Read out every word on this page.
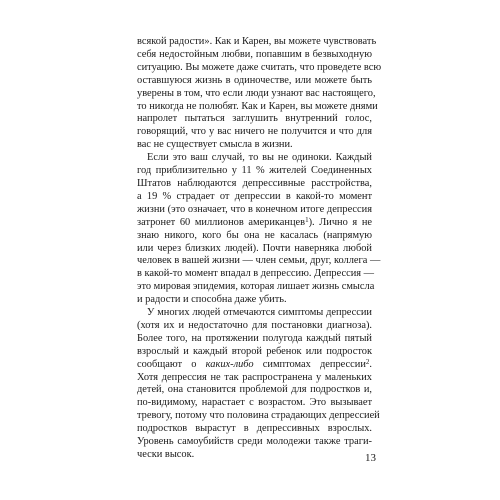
всякой радости». Как и Карен, вы можете чувствовать
себя недостойным любви, попавшим в безвыходную
ситуацию. Вы можете даже считать, что проведете всю
оставшуюся жизнь в одиночестве, или можете быть
уверены в том, что если люди узнают вас настоящего,
то никогда не полюбят. Как и Карен, вы можете днями
напролет пытаться заглушить внутренний голос,
говорящий, что у вас ничего не получится и что для
вас не существует смысла в жизни.
Если это ваш случай, то вы не одиноки. Каждый
год приблизительно у 11 % жителей Соединенных
Штатов наблюдаются депрессивные расстройства,
а 19 % страдает от депрессии в какой-то момент
жизни (это означает, что в конечном итоге депрессия
затронет 60 миллионов американцев$^1$). Лично я не
знаю никого, кого бы она не касалась (напрямую
или через близких людей). Почти наверняка любой
человек в вашей жизни — член семьи, друг, коллега —
в какой-то момент впадал в депрессию. Депрессия —
это мировая эпидемия, которая лишает жизнь смысла
и радости и способна даже убить.
У многих людей отмечаются симптомы депрессии
(хотя их и недостаточно для постановки диагноза).
Более того, на протяжении полугода каждый пятый
взрослый и каждый второй ребенок или подросток
сообщают о каких-либо симптомах депрессии$^2$.
Хотя депрессия не так распространена у маленьких
детей, она становится проблемой для подростков и,
по-видимому, нарастает с возрастом. Это вызывает
тревогу, потому что половина страдающих депрессией
подростков вырастут в депрессивных взрослых.
Уровень самоубийств среди молодежи также траги-
чески высок.	13
